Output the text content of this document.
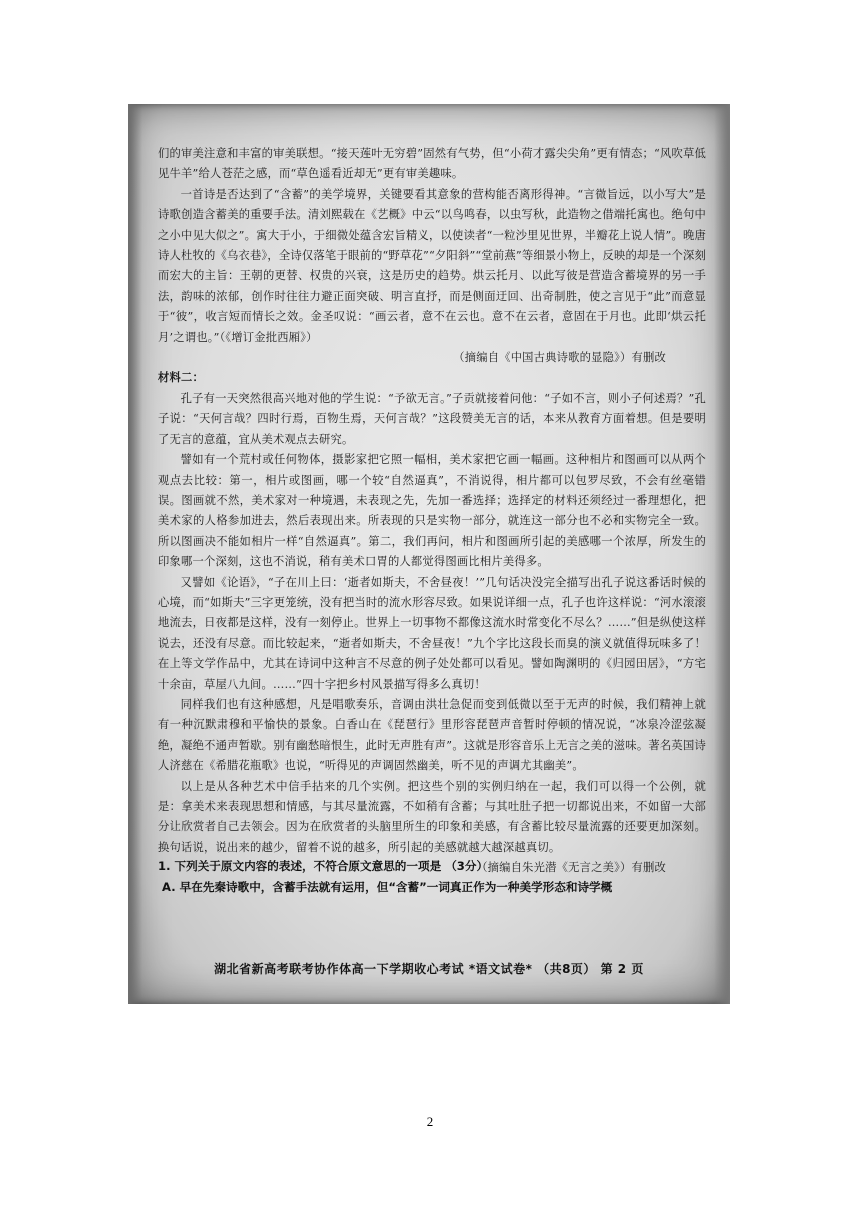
们的审美注意和丰富的审美联想。“接天莲叶无穷碧”固然有气势，但“小荷才露尖尖角”更有情态；“风吹草低见牛羊”给人苍茫之感，而“草色遥看近却无”更有审美趣味。

一首诗是否达到了“含蓄”的美学境界，关键要看其意象的营构能否离形得神。“言微旨远，以小写大”是诗歌创造含蓄美的重要手法。清刘熙载在《艺概》中云“以鸟鸣春，以虫写秋，此造物之借端托寓也。绝句中之小中见大似之”。寓大于小，于细微处蕴含宏旨精义，以使读者“一粒沙里见世界，半瓣花上说人情”。晚唐诗人杜牧的《乌衣巷》，全诗仅落笔于眼前的“野草花”“夕阳斜”“堂前燕”等细景小物上，反映的却是一个深刻而宏大的主旨：王朝的更替、权贵的兴衰，这是历史的趋势。烘云托月、以此写彼是营造含蓄境界的另一手法，韵味的浓郁，创作时往往力避正面突破、明言直抒，而是侧面迂回、出奇制胜，使之言见于“此”而意显于“彼”，收言短而情长之效。金圣叹说：“画云者，意不在云也。意不在云者，意固在于月也。此即‘烘云托月’之谓也。”（《增订金批西厢》）

（摘编自《中国古典诗歌的显隐》）有删改

材料二：

孔子有一天突然很高兴地对他的学生说：“予欲无言。”子贡就接着问他：“子如不言，则小子何述焉？”孔子说：“天何言哉？四时行焉，百物生焉，天何言哉？”这段赞美无言的话，本来从教育方面着想。但是要明了无言的意蕴，宜从美术观点去研究。

譬如有一个荒村或任何物体，摄影家把它照一幅相，美术家把它画一幅画。这种相片和图画可以从两个观点去比较：第一，相片或图画，哪一个较“自然逼真”，不消说得，相片都可以包罗尽致，不会有丝毫错误。图画就不然，美术家对一种境遇，未表现之先，先加一番选择；选择定的材料还须经过一番理想化，把美术家的人格参加进去，然后表现出来。所表现的只是实物一部分，就连这一部分也不必和实物完全一致。所以图画决不能如相片一样“自然逼真”。第二，我们再问，相片和图画所引起的美感哪一个浓厚，所发生的印象哪一个深刻，这也不消说，稍有美术口胃的人都觉得图画比相片美得多。

又譬如《论语》，“子在川上曰：‘逝者如斯夫，不舍昼夜！’”几句话决没完全描写出孔子说这番话时候的心境，而“如斯夫”三字更笼统，没有把当时的流水形容尽致。如果说详细一点，孔子也许这样说：“河水滚滚地流去，日夜都是这样，没有一刻停止。世界上一切事物不都像这流水时常变化不尽么？……”但是纵使这样说去，还没有尽意。而比较起来，“逝者如斯夫，不舍昼夜！”九个字比这段长而臭的演义就值得玩味多了！在上等文学作品中，尤其在诗词中这种言不尽意的例子处处都可以看见。譬如陶渊明的《归园田居》，“方宅十余亩，草屋八九间。……”四十字把乡村风景描写得多么真切！

同样我们也有这种感想，凡是唱歌奏乐，音调由洪壮急促而变到低微以至于无声的时候，我们精神上就有一种沉默肃穆和平愉快的景象。白香山在《琵琶行》里形容琵琶声音暂时停顿的情况说，“冰泉冷涩弦凝绝，凝绝不通声暂歇。别有幽愁暗恨生，此时无声胜有声”。这就是形容音乐上无言之美的滋味。著名英国诗人济慈在《希腊花瓶歌》也说，“听得见的声调固然幽美，听不见的声调尤其幽美”。

以上是从各种艺术中信手拈来的几个实例。把这些个别的实例归纳在一起，我们可以得一个公例，就是：拿美术来表现思想和情感，与其尽量流露，不如稍有含蓄；与其吐肚子把一切都说出来，不如留一大部分让欣赏者自己去领会。因为在欣赏者的头脑里所生的印象和美感，有含蓄比较尽量流露的还要更加深刻。换句话说，说出来的越少，留着不说的越多，所引起的美感就越大越深越真切。

（摘编自朱光潜《无言之美》）有删改

1. 下列关于原文内容的表述，不符合原文意思的一项是 （3分）

A. 早在先秦诗歌中，含蓄手法就有运用，但“含蓄”一词真正作为一种美学形态和诗学概

湖北省新高考联考协作体高一下学期收心考试 *语文试卷* （共8页） 第 2 页
2
